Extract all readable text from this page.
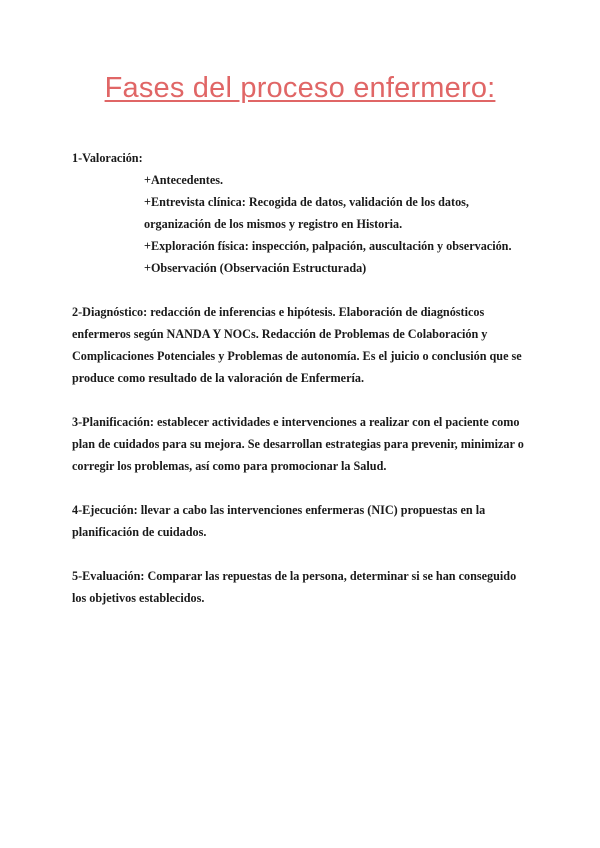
Fases del proceso enfermero:
1-Valoración:
+Antecedentes.
+Entrevista clínica: Recogida de datos, validación de los datos,
organización de los mismos y registro en Historia.
+Exploración física: inspección, palpación, auscultación y observación.
+Observación (Observación Estructurada)
2-Diagnóstico: redacción de inferencias e hipótesis. Elaboración de diagnósticos enfermeros según NANDA Y NOCs. Redacción de Problemas de Colaboración y Complicaciones Potenciales y Problemas de autonomía. Es el juicio o conclusión que se produce como resultado de la valoración de Enfermería.
3-Planificación: establecer actividades e intervenciones a realizar con el paciente como plan de cuidados para su mejora. Se desarrollan estrategias para prevenir, minimizar o corregir los problemas, así como para promocionar la Salud.
4-Ejecución: llevar a cabo las intervenciones enfermeras (NIC) propuestas en la planificación de cuidados.
5-Evaluación: Comparar las repuestas de la persona, determinar si se han conseguido los objetivos establecidos.
